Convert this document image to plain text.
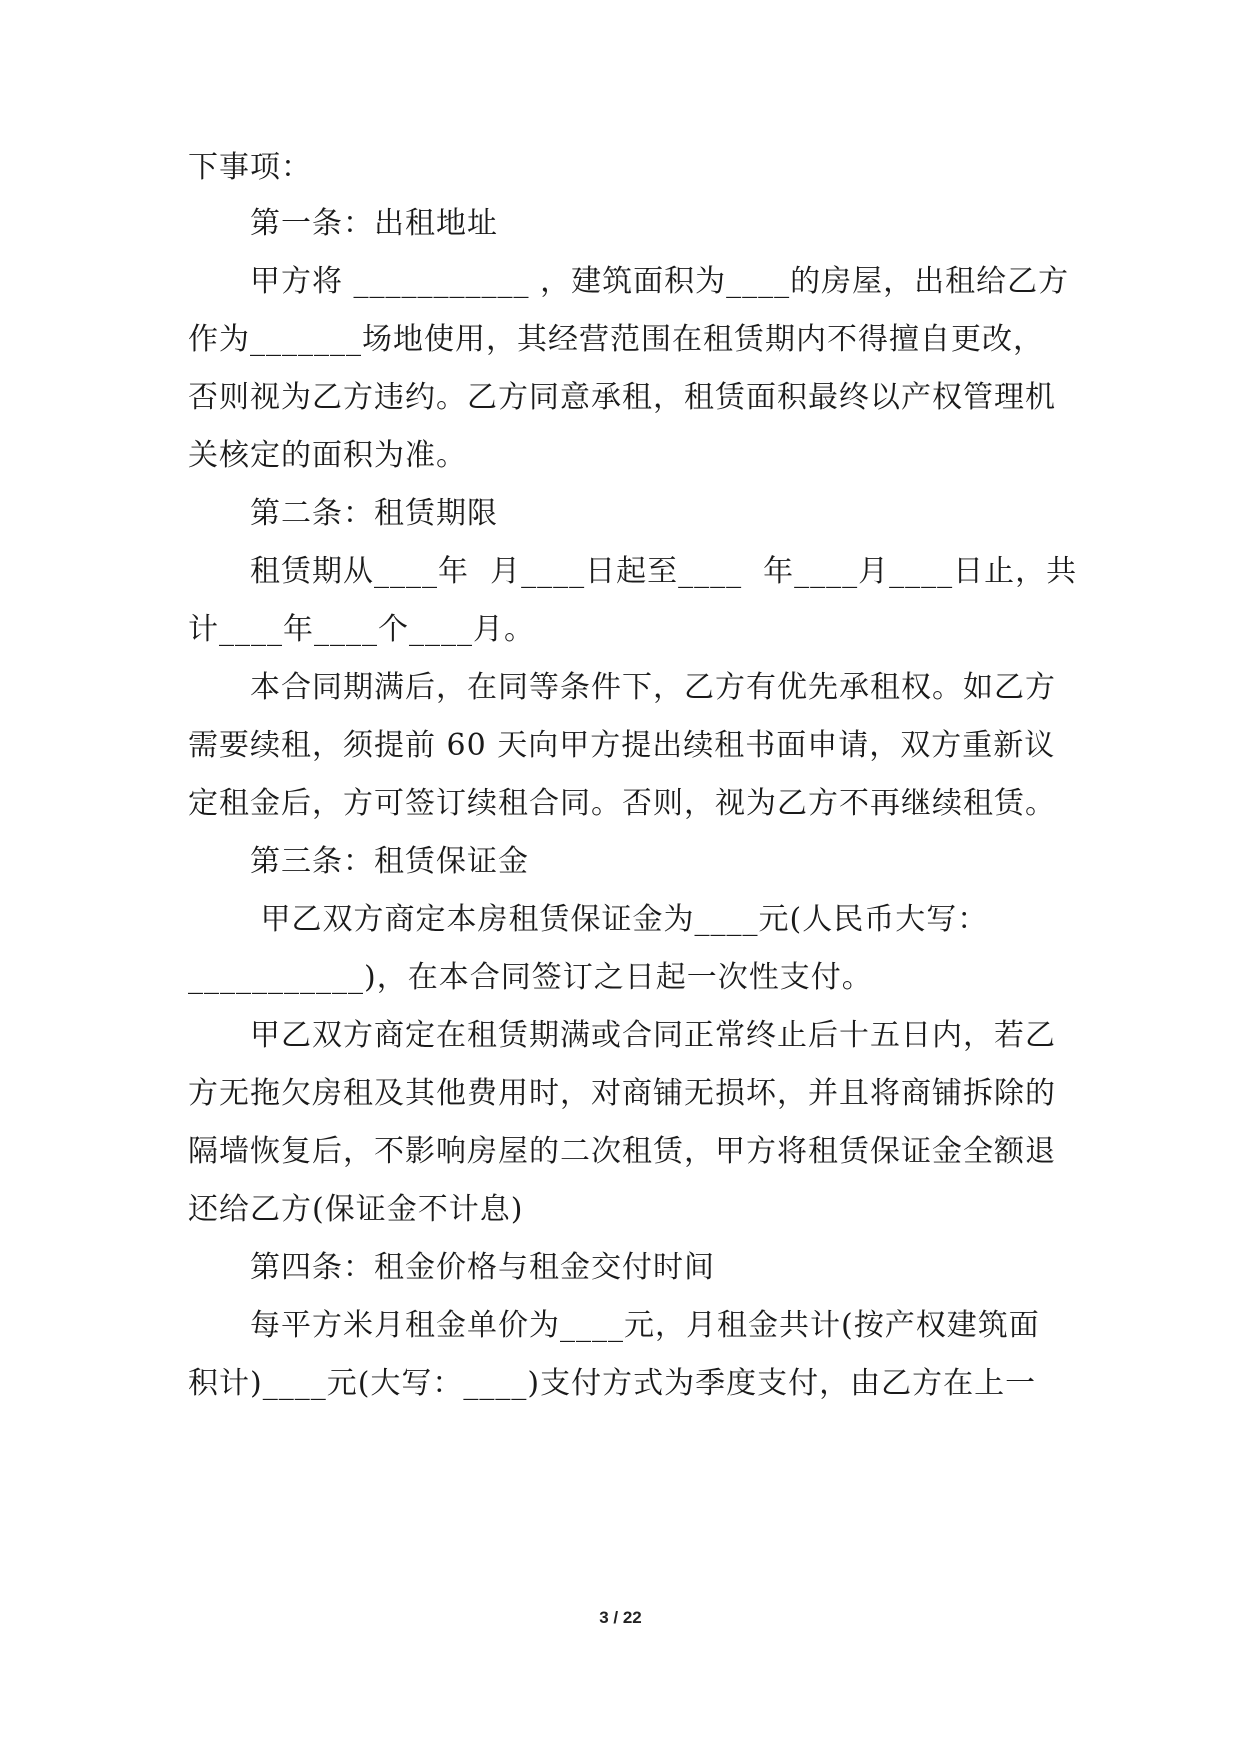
下事项：
第一条：出租地址
甲方将 ___________ ，建筑面积为____的房屋，出租给乙方
作为_______场地使用，其经营范围在租赁期内不得擅自更改，
否则视为乙方违约。乙方同意承租，租赁面积最终以产权管理机
关核定的面积为准。
第二条：租赁期限
租赁期从____年  月____日起至____  年____月____日止，共
计____年____个____月。
本合同期满后，在同等条件下，乙方有优先承租权。如乙方
需要续租，须提前 60 天向甲方提出续租书面申请，双方重新议
定租金后，方可签订续租合同。否则，视为乙方不再继续租赁。
第三条：租赁保证金
甲乙双方商定本房租赁保证金为____元(人民币大写：
___________)，在本合同签订之日起一次性支付。
甲乙双方商定在租赁期满或合同正常终止后十五日内，若乙
方无拖欠房租及其他费用时，对商铺无损坏，并且将商铺拆除的
隔墙恢复后，不影响房屋的二次租赁，甲方将租赁保证金全额退
还给乙方(保证金不计息)
第四条：租金价格与租金交付时间
每平方米月租金单价为____元，月租金共计(按产权建筑面
积计)____元(大写：____)支付方式为季度支付，由乙方在上一
3 / 22
